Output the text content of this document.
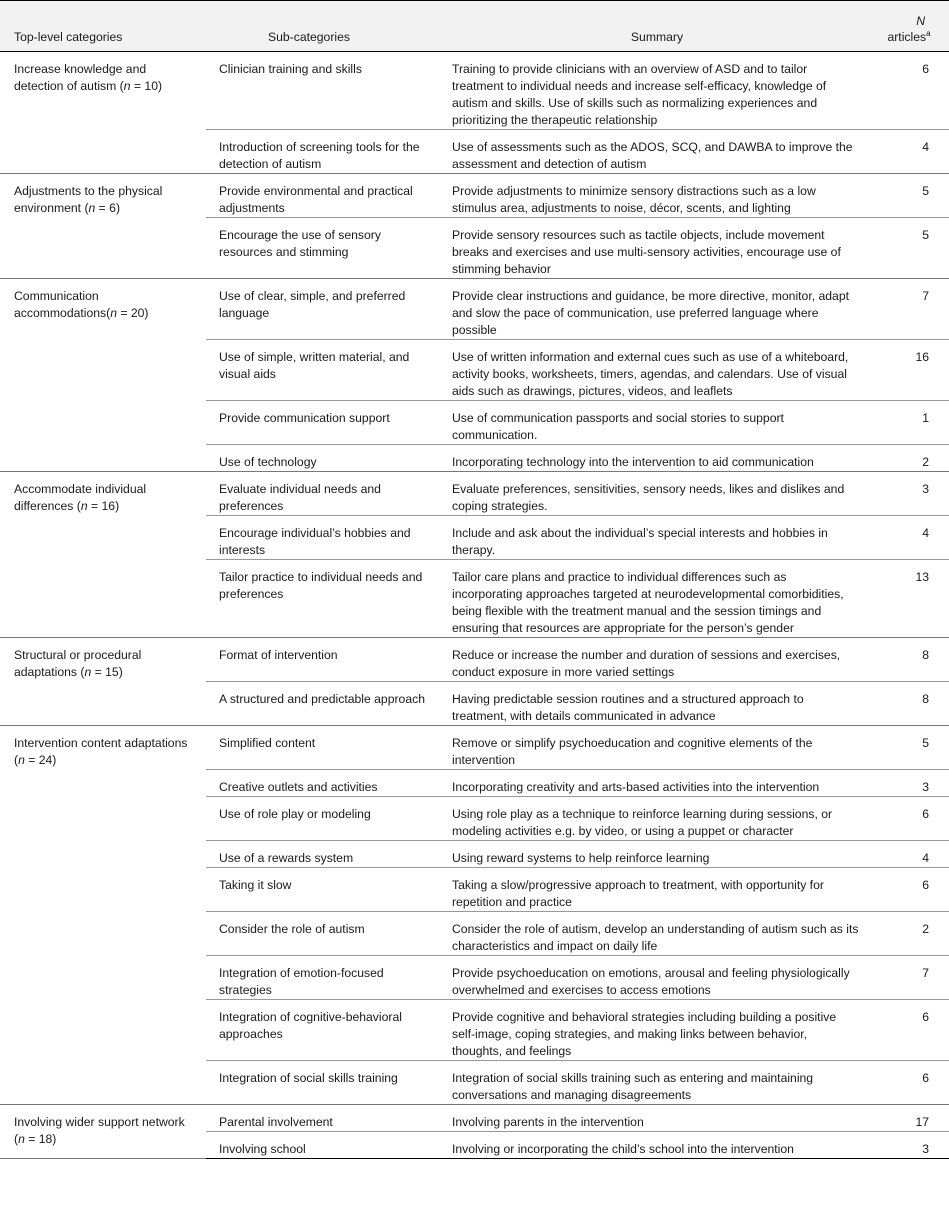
Top-level categories	Sub-categories	Summary	N
articles$^a$
Increase knowledge and detection of autism (n = 10)	Clinician training and skills	Training to provide clinicians with an overview of ASD and to tailor treatment to individual needs and increase self-efficacy, knowledge of autism and skills. Use of skills such as normalizing experiences and prioritizing the therapeutic relationship	6
	Introduction of screening tools for the detection of autism	Use of assessments such as the ADOS, SCQ, and DAWBA to improve the assessment and detection of autism	4
Adjustments to the physical environment (n = 6)	Provide environmental and practical adjustments	Provide adjustments to minimize sensory distractions such as a low stimulus area, adjustments to noise, décor, scents, and lighting	5
	Encourage the use of sensory resources and stimming	Provide sensory resources such as tactile objects, include movement breaks and exercises and use multi-sensory activities, encourage use of stimming behavior	5
Communication accommodations(n = 20)	Use of clear, simple, and preferred language	Provide clear instructions and guidance, be more directive, monitor, adapt and slow the pace of communication, use preferred language where possible	7
	Use of simple, written material, and visual aids	Use of written information and external cues such as use of a whiteboard, activity books, worksheets, timers, agendas, and calendars. Use of visual aids such as drawings, pictures, videos, and leaflets	16
	Provide communication support	Use of communication passports and social stories to support communication.	1
	Use of technology	Incorporating technology into the intervention to aid communication	2
Accommodate individual differences (n = 16)	Evaluate individual needs and preferences	Evaluate preferences, sensitivities, sensory needs, likes and dislikes and coping strategies.	3
	Encourage individual’s hobbies and interests	Include and ask about the individual’s special interests and hobbies in therapy.	4
	Tailor practice to individual needs and preferences	Tailor care plans and practice to individual differences such as incorporating approaches targeted at neurodevelopmental comorbidities, being flexible with the treatment manual and the session timings and ensuring that resources are appropriate for the person’s gender	13
Structural or procedural adaptations (n = 15)	Format of intervention	Reduce or increase the number and duration of sessions and exercises, conduct exposure in more varied settings	8
	A structured and predictable approach	Having predictable session routines and a structured approach to treatment, with details communicated in advance	8
Intervention content adaptations (n = 24)	Simplified content	Remove or simplify psychoeducation and cognitive elements of the intervention	5
	Creative outlets and activities	Incorporating creativity and arts-based activities into the intervention	3
	Use of role play or modeling	Using role play as a technique to reinforce learning during sessions, or modeling activities e.g. by video, or using a puppet or character	6
	Use of a rewards system	Using reward systems to help reinforce learning	4
	Taking it slow	Taking a slow/progressive approach to treatment, with opportunity for repetition and practice	6
	Consider the role of autism	Consider the role of autism, develop an understanding of autism such as its characteristics and impact on daily life	2
	Integration of emotion-focused strategies	Provide psychoeducation on emotions, arousal and feeling physiologically overwhelmed and exercises to access emotions	7
	Integration of cognitive-behavioral approaches	Provide cognitive and behavioral strategies including building a positive self-image, coping strategies, and making links between behavior, thoughts, and feelings	6
	Integration of social skills training	Integration of social skills training such as entering and maintaining conversations and managing disagreements	6
Involving wider support network (n = 18)	Parental involvement	Involving parents in the intervention	17
	Involving school	Involving or incorporating the child’s school into the intervention	3
